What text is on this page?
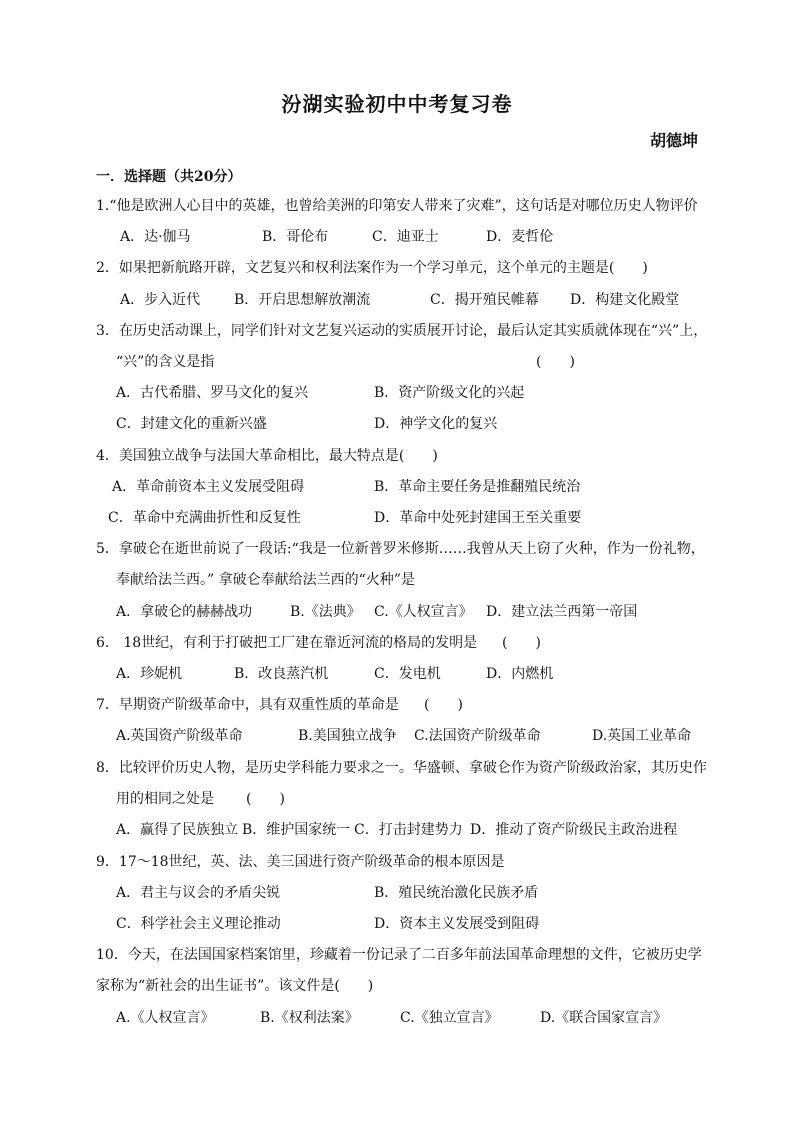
汾湖实验初中中考复习卷
胡德坤
一．选择题（共20分）
1.“他是欧洲人心目中的英雄，也曾给美洲的印第安人带来了灾难”，这句话是对哪位历史人物评价
A．达·伽马	B．哥伦布	C．迪亚士	D．麦哲伦
2．如果把新航路开辟，文艺复兴和权利法案作为一个学习单元，这个单元的主题是(　　)
A．步入近代 B．开启思想解放潮流	C．揭开殖民帷幕 D．构建文化殿堂
3．在历史活动课上，同学们针对文艺复兴运动的实质展开讨论，最后认定其实质就体现在“兴”上，
“兴”的含义是指	(　　)
A．古代希腊、罗马文化的复兴	B．资产阶级文化的兴起
C．封建文化的重新兴盛	D．神学文化的复兴
4．美国独立战争与法国大革命相比，最大特点是(　　)
A．革命前资本主义发展受阻碍	B．革命主要任务是推翻殖民统治
C．革命中充满曲折性和反复性	D．革命中处死封建国王至关重要
5．拿破仑在逝世前说了一段话:“我是一位新普罗米修斯……我曾从天上窃了火种，作为一份礼物，
奉献给法兰西。” 拿破仑奉献给法兰西的“火种”是
A．拿破仑的赫赫战功	B.《法典》 C.《人权宣言》 D．建立法兰西第一帝国
6． 18世纪，有利于打破把工厂建在靠近河流的格局的发明是 (　　)
A．珍妮机	B．改良蒸汽机	C．发电机	D．内燃机
7．早期资产阶级革命中，具有双重性质的革命是 (　　)
A.英国资产阶级革命	B.美国独立战争 C.法国资产阶级革命	D.英国工业革命
8．比较评价历史人物，是历史学科能力要求之一。华盛顿、拿破仑作为资产阶级政治家，其历史作
用的相同之处是 (　　)
A．赢得了民族独立 B．维护国家统一 C．打击封建势力 D．推动了资产阶级民主政治进程
9．17～18世纪，英、法、美三国进行资产阶级革命的根本原因是
A．君主与议会的矛盾尖锐	B．殖民统治激化民族矛盾
C．科学社会主义理论推动	D．资本主义发展受到阻碍
10．今天，在法国国家档案馆里，珍藏着一份记录了二百多年前法国革命理想的文件，它被历史学
家称为“新社会的出生证书”。该文件是(　　)
A.《人权宣言》	B.《权利法案》	C.《独立宣言》	D.《联合国家宣言》
